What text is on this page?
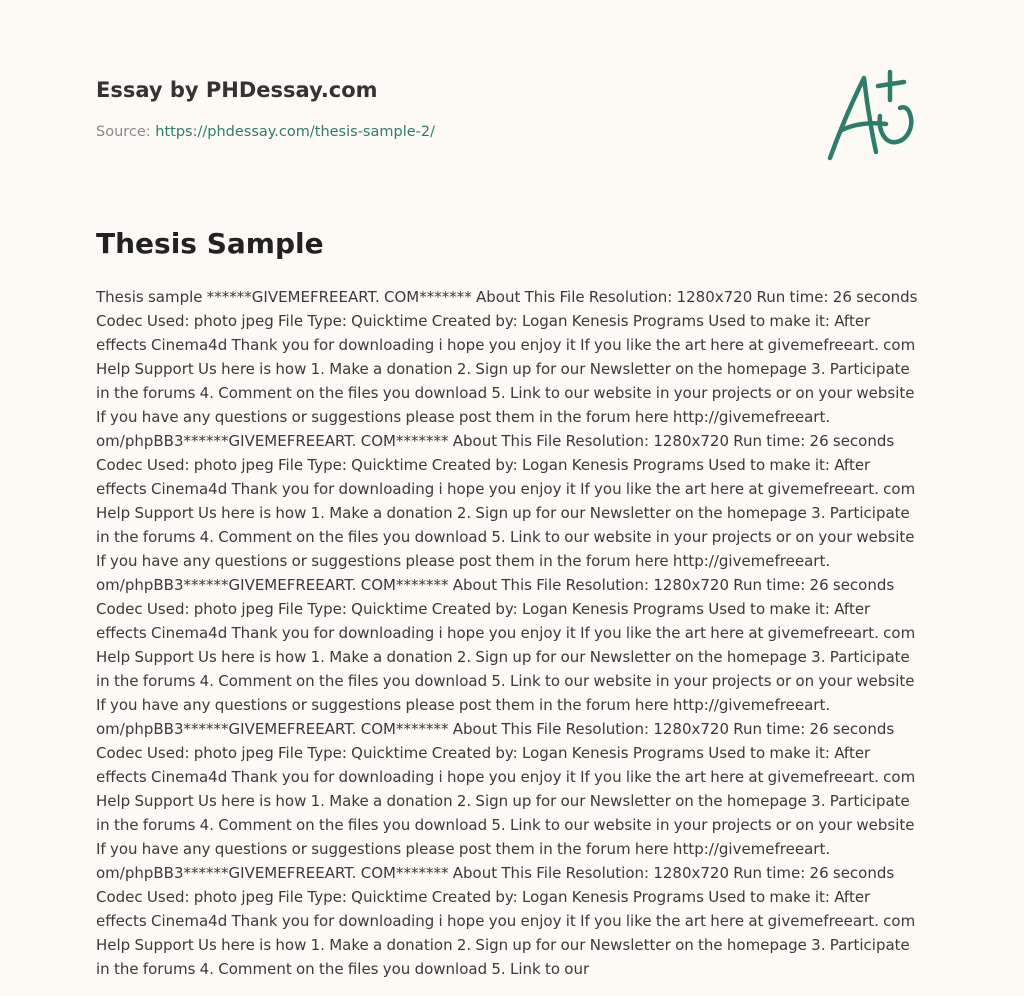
Essay by PHDessay.com
Source: https://phdessay.com/thesis-sample-2/
Thesis Sample

Thesis sample ******GIVEMEFREEART. COM******* About This File Resolution: 1280x720 Run time: 26 seconds Codec Used: photo jpeg File Type: Quicktime Created by: Logan Kenesis Programs Used to make it: After effects Cinema4d Thank you for downloading i hope you enjoy it If you like the art here at givemefreeart. com Help Support Us here is how 1. Make a donation 2. Sign up for our Newsletter on the homepage 3. Participate in the forums 4. Comment on the files you download 5. Link to our website in your projects or on your website If you have any questions or suggestions please post them in the forum here http://givemefreeart. om/phpBB3******GIVEMEFREEART. COM******* About This File Resolution: 1280x720 Run time: 26 seconds Codec Used: photo jpeg File Type: Quicktime Created by: Logan Kenesis Programs Used to make it: After effects Cinema4d Thank you for downloading i hope you enjoy it If you like the art here at givemefreeart. com Help Support Us here is how 1. Make a donation 2. Sign up for our Newsletter on the homepage 3. Participate in the forums 4. Comment on the files you download 5. Link to our website in your projects or on your website If you have any questions or suggestions please post them in the forum here http://givemefreeart. om/phpBB3******GIVEMEFREEART. COM******* About This File Resolution: 1280x720 Run time: 26 seconds Codec Used: photo jpeg File Type: Quicktime Created by: Logan Kenesis Programs Used to make it: After effects Cinema4d Thank you for downloading i hope you enjoy it If you like the art here at givemefreeart. com Help Support Us here is how 1. Make a donation 2. Sign up for our Newsletter on the homepage 3. Participate in the forums 4. Comment on the files you download 5. Link to our website in your projects or on your website If you have any questions or suggestions please post them in the forum here http://givemefreeart. om/phpBB3******GIVEMEFREEART. COM******* About This File Resolution: 1280x720 Run time: 26 seconds Codec Used: photo jpeg File Type: Quicktime Created by: Logan Kenesis Programs Used to make it: After effects Cinema4d Thank you for downloading i hope you enjoy it If you like the art here at givemefreeart. com Help Support Us here is how 1. Make a donation 2. Sign up for our Newsletter on the homepage 3. Participate in the forums 4. Comment on the files you download 5. Link to our website in your projects or on your website If you have any questions or suggestions please post them in the forum here http://givemefreeart. om/phpBB3******GIVEMEFREEART. COM******* About This File Resolution: 1280x720 Run time: 26 seconds Codec Used: photo jpeg File Type: Quicktime Created by: Logan Kenesis Programs Used to make it: After effects Cinema4d Thank you for downloading i hope you enjoy it If you like the art here at givemefreeart. com Help Support Us here is how 1. Make a donation 2. Sign up for our Newsletter on the homepage 3. Participate in the forums 4. Comment on the files you download 5. Link to our
